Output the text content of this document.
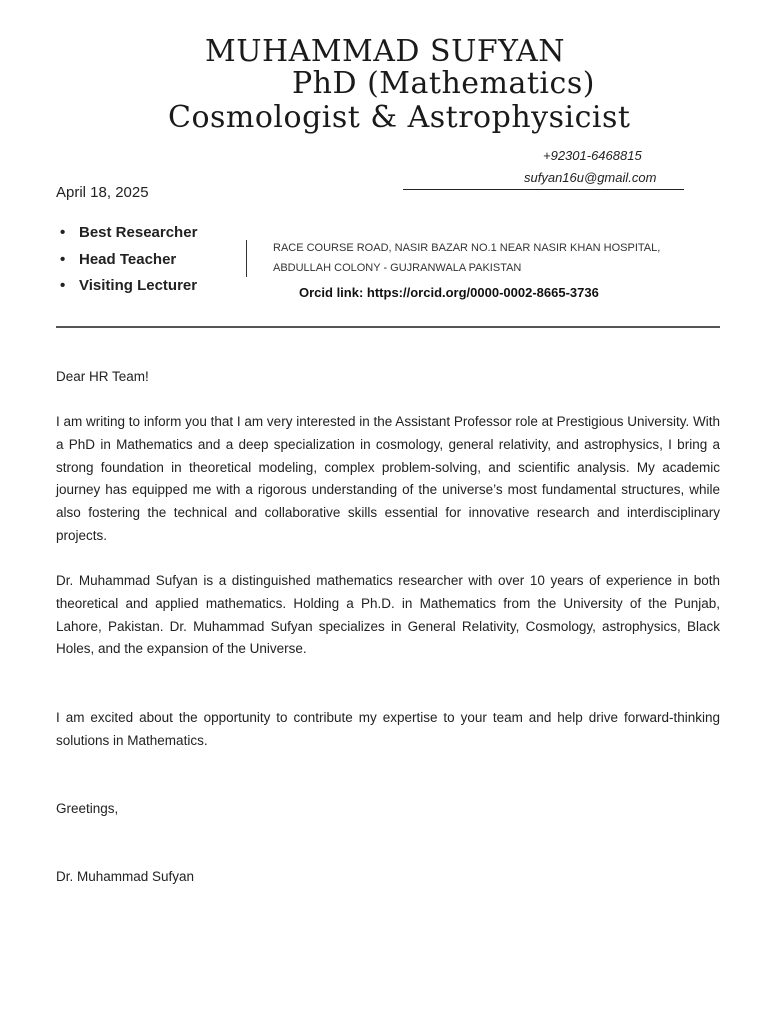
MUHAMMAD SUFYAN
PhD (Mathematics)
Cosmologist & Astrophysicist
+92301-6468815
sufyan16u@gmail.com
April 18, 2025
• Best Researcher
• Head Teacher
• Visiting Lecturer
RACE COURSE ROAD, NASIR BAZAR NO.1 NEAR NASIR KHAN HOSPITAL,
ABDULLAH COLONY - GUJRANWALA PAKISTAN
Orcid link: https://orcid.org/0000-0002-8665-3736
Dear HR Team!
I am writing to inform you that I am very interested in the Assistant Professor role at Prestigious University. With a PhD in Mathematics and a deep specialization in cosmology, general relativity, and astrophysics, I bring a strong foundation in theoretical modeling, complex problem-solving, and scientific analysis. My academic journey has equipped me with a rigorous understanding of the universe’s most fundamental structures, while also fostering the technical and collaborative skills essential for innovative research and interdisciplinary projects.
Dr. Muhammad Sufyan is a distinguished mathematics researcher with over 10 years of experience in both theoretical and applied mathematics. Holding a Ph.D. in Mathematics from the University of the Punjab, Lahore, Pakistan. Dr. Muhammad Sufyan specializes in General Relativity, Cosmology, astrophysics, Black Holes, and the expansion of the Universe.
I am excited about the opportunity to contribute my expertise to your team and help drive forward-thinking solutions in Mathematics.
Greetings,
Dr. Muhammad Sufyan
